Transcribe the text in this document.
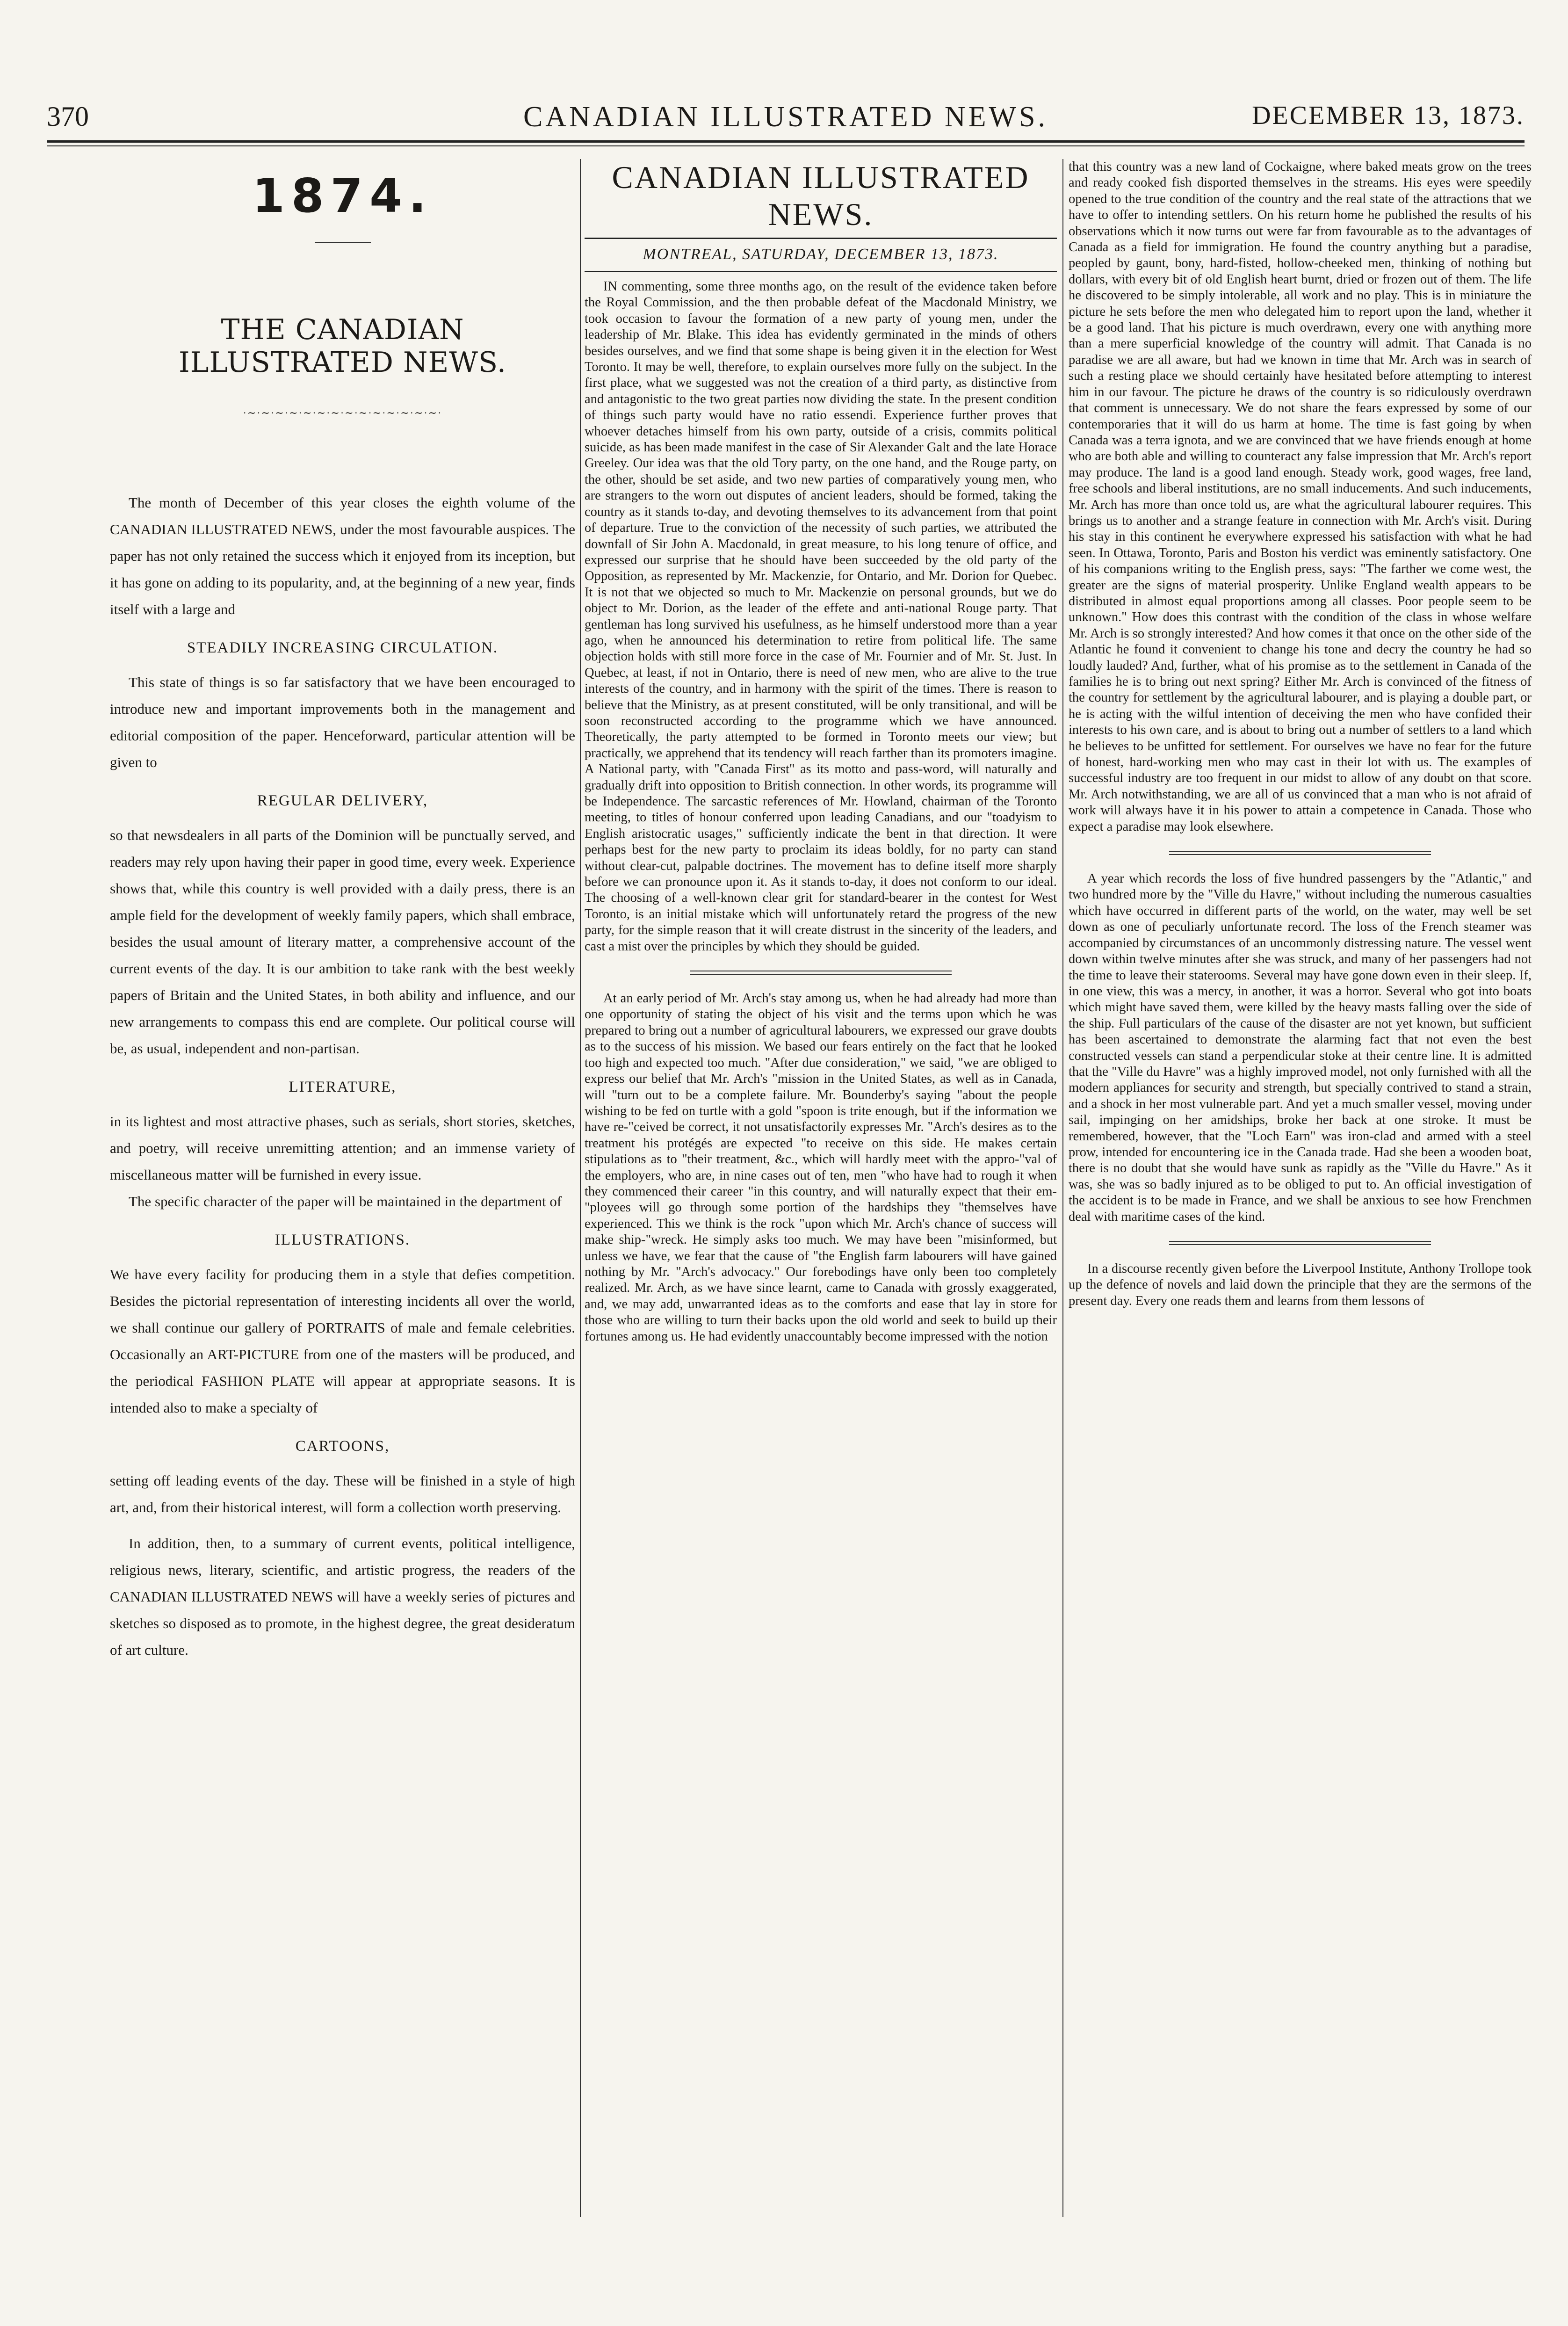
370	CANADIAN ILLUSTRATED NEWS.	DECEMBER 13, 1873.
1874.
THE CANADIAN ILLUSTRATED NEWS.
·∼·∼·∼·∼·∼·∼·∼·∼·∼·∼·∼·∼·∼·∼·

The month of December of this year closes the eighth volume of the CANADIAN ILLUSTRATED NEWS, under the most favourable auspices. The paper has not only retained the success which it enjoyed from its inception, but it has gone on adding to its popularity, and, at the beginning of a new year, finds itself with a large and

STEADILY INCREASING CIRCULATION.

This state of things is so far satisfactory that we have been encouraged to introduce new and important improvements both in the management and editorial composition of the paper. Henceforward, particular attention will be given to

REGULAR DELIVERY,

so that newsdealers in all parts of the Dominion will be punctually served, and readers may rely upon having their paper in good time, every week. Experience shows that, while this country is well provided with a daily press, there is an ample field for the development of weekly family papers, which shall embrace, besides the usual amount of literary matter, a comprehensive account of the current events of the day. It is our ambition to take rank with the best weekly papers of Britain and the United States, in both ability and influence, and our new arrangements to compass this end are complete. Our political course will be, as usual, independent and non-partisan.

LITERATURE,

in its lightest and most attractive phases, such as serials, short stories, sketches, and poetry, will receive unremitting attention; and an immense variety of miscellaneous matter will be furnished in every issue.

The specific character of the paper will be maintained in the department of

ILLUSTRATIONS.

We have every facility for producing them in a style that defies competition. Besides the pictorial representation of interesting incidents all over the world, we shall continue our gallery of PORTRAITS of male and female celebrities. Occasionally an ART-PICTURE from one of the masters will be produced, and the periodical FASHION PLATE will appear at appropriate seasons. It is intended also to make a specialty of

CARTOONS,

setting off leading events of the day. These will be finished in a style of high art, and, from their historical interest, will form a collection worth preserving.

In addition, then, to a summary of current events, political intelligence, religious news, literary, scientific, and artistic progress, the readers of the CANADIAN ILLUSTRATED NEWS will have a weekly series of pictures and sketches so disposed as to promote, in the highest degree, the great desideratum of art culture.

CANADIAN ILLUSTRATED NEWS.
MONTREAL, SATURDAY, DECEMBER 13, 1873.

IN commenting, some three months ago, on the result of the evidence taken before the Royal Commission, and the then probable defeat of the Macdonald Ministry, we took occasion to favour the formation of a new party of young men, under the leadership of Mr. Blake. This idea has evidently germinated in the minds of others besides ourselves, and we find that some shape is being given it in the election for West Toronto. It may be well, therefore, to explain ourselves more fully on the subject. In the first place, what we suggested was not the creation of a third party, as distinctive from and antagonistic to the two great parties now dividing the state. In the present condition of things such party would have no ratio essendi. Experience further proves that whoever detaches himself from his own party, outside of a crisis, commits political suicide, as has been made manifest in the case of Sir Alexander Galt and the late Horace Greeley. Our idea was that the old Tory party, on the one hand, and the Rouge party, on the other, should be set aside, and two new parties of comparatively young men, who are strangers to the worn out disputes of ancient leaders, should be formed, taking the country as it stands to-day, and devoting themselves to its advancement from that point of departure. True to the conviction of the necessity of such parties, we attributed the downfall of Sir John A. Macdonald, in great measure, to his long tenure of office, and expressed our surprise that he should have been succeeded by the old party of the Opposition, as represented by Mr. Mackenzie, for Ontario, and Mr. Dorion for Quebec. It is not that we objected so much to Mr. Mackenzie on personal grounds, but we do object to Mr. Dorion, as the leader of the effete and anti-national Rouge party. That gentleman has long survived his usefulness, as he himself understood more than a year ago, when he announced his determination to retire from political life. The same objection holds with still more force in the case of Mr. Fournier and of Mr. St. Just. In Quebec, at least, if not in Ontario, there is need of new men, who are alive to the true interests of the country, and in harmony with the spirit of the times. There is reason to believe that the Ministry, as at present constituted, will be only transitional, and will be soon reconstructed according to the programme which we have announced. Theoretically, the party attempted to be formed in Toronto meets our view; but practically, we apprehend that its tendency will reach farther than its promoters imagine. A National party, with "Canada First" as its motto and pass-word, will naturally and gradually drift into opposition to British connection. In other words, its programme will be Independence. The sarcastic references of Mr. Howland, chairman of the Toronto meeting, to titles of honour conferred upon leading Canadians, and our "toadyism to English aristocratic usages," sufficiently indicate the bent in that direction. It were perhaps best for the new party to proclaim its ideas boldly, for no party can stand without clear-cut, palpable doctrines. The movement has to define itself more sharply before we can pronounce upon it. As it stands to-day, it does not conform to our ideal. The choosing of a well-known clear grit for standard-bearer in the contest for West Toronto, is an initial mistake which will unfortunately retard the progress of the new party, for the simple reason that it will create distrust in the sincerity of the leaders, and cast a mist over the principles by which they should be guided.

At an early period of Mr. Arch's stay among us, when he had already had more than one opportunity of stating the object of his visit and the terms upon which he was prepared to bring out a number of agricultural labourers, we expressed our grave doubts as to the success of his mission. We based our fears entirely on the fact that he looked too high and expected too much. "After due consideration," we said, "we are obliged to express our belief that Mr. Arch's "mission in the United States, as well as in Canada, will "turn out to be a complete failure. Mr. Bounderby's saying "about the people wishing to be fed on turtle with a gold "spoon is trite enough, but if the information we have re-"ceived be correct, it not unsatisfactorily expresses Mr. "Arch's desires as to the treatment his protégés are expected "to receive on this side. He makes certain stipulations as to "their treatment, &c., which will hardly meet with the appro-"val of the employers, who are, in nine cases out of ten, men "who have had to rough it when they commenced their career "in this country, and will naturally expect that their em-"ployees will go through some portion of the hardships they "themselves have experienced. This we think is the rock "upon which Mr. Arch's chance of success will make ship-"wreck. He simply asks too much. We may have been "misinformed, but unless we have, we fear that the cause of "the English farm labourers will have gained nothing by Mr. "Arch's advocacy." Our forebodings have only been too completely realized. Mr. Arch, as we have since learnt, came to Canada with grossly exaggerated, and, we may add, unwarranted ideas as to the comforts and ease that lay in store for those who are willing to turn their backs upon the old world and seek to build up their fortunes among us. He had evidently unaccountably become impressed with the notion

that this country was a new land of Cockaigne, where baked meats grow on the trees and ready cooked fish disported themselves in the streams. His eyes were speedily opened to the true condition of the country and the real state of the attractions that we have to offer to intending settlers. On his return home he published the results of his observations which it now turns out were far from favourable as to the advantages of Canada as a field for immigration. He found the country anything but a paradise, peopled by gaunt, bony, hard-fisted, hollow-cheeked men, thinking of nothing but dollars, with every bit of old English heart burnt, dried or frozen out of them. The life he discovered to be simply intolerable, all work and no play. This is in miniature the picture he sets before the men who delegated him to report upon the land, whether it be a good land. That his picture is much overdrawn, every one with anything more than a mere superficial knowledge of the country will admit. That Canada is no paradise we are all aware, but had we known in time that Mr. Arch was in search of such a resting place we should certainly have hesitated before attempting to interest him in our favour. The picture he draws of the country is so ridiculously overdrawn that comment is unnecessary. We do not share the fears expressed by some of our contemporaries that it will do us harm at home. The time is fast going by when Canada was a terra ignota, and we are convinced that we have friends enough at home who are both able and willing to counteract any false impression that Mr. Arch's report may produce. The land is a good land enough. Steady work, good wages, free land, free schools and liberal institutions, are no small inducements. And such inducements, Mr. Arch has more than once told us, are what the agricultural labourer requires. This brings us to another and a strange feature in connection with Mr. Arch's visit. During his stay in this continent he everywhere expressed his satisfaction with what he had seen. In Ottawa, Toronto, Paris and Boston his verdict was eminently satisfactory. One of his companions writing to the English press, says: "The farther we come west, the greater are the signs of material prosperity. Unlike England wealth appears to be distributed in almost equal proportions among all classes. Poor people seem to be unknown." How does this contrast with the condition of the class in whose welfare Mr. Arch is so strongly interested? And how comes it that once on the other side of the Atlantic he found it convenient to change his tone and decry the country he had so loudly lauded? And, further, what of his promise as to the settlement in Canada of the families he is to bring out next spring? Either Mr. Arch is convinced of the fitness of the country for settlement by the agricultural labourer, and is playing a double part, or he is acting with the wilful intention of deceiving the men who have confided their interests to his own care, and is about to bring out a number of settlers to a land which he believes to be unfitted for settlement. For ourselves we have no fear for the future of honest, hard-working men who may cast in their lot with us. The examples of successful industry are too frequent in our midst to allow of any doubt on that score. Mr. Arch notwithstanding, we are all of us convinced that a man who is not afraid of work will always have it in his power to attain a competence in Canada. Those who expect a paradise may look elsewhere.

A year which records the loss of five hundred passengers by the "Atlantic," and two hundred more by the "Ville du Havre," without including the numerous casualties which have occurred in different parts of the world, on the water, may well be set down as one of peculiarly unfortunate record. The loss of the French steamer was accompanied by circumstances of an uncommonly distressing nature. The vessel went down within twelve minutes after she was struck, and many of her passengers had not the time to leave their staterooms. Several may have gone down even in their sleep. If, in one view, this was a mercy, in another, it was a horror. Several who got into boats which might have saved them, were killed by the heavy masts falling over the side of the ship. Full particulars of the cause of the disaster are not yet known, but sufficient has been ascertained to demonstrate the alarming fact that not even the best constructed vessels can stand a perpendicular stoke at their centre line. It is admitted that the "Ville du Havre" was a highly improved model, not only furnished with all the modern appliances for security and strength, but specially contrived to stand a strain, and a shock in her most vulnerable part. And yet a much smaller vessel, moving under sail, impinging on her amidships, broke her back at one stroke. It must be remembered, however, that the "Loch Earn" was iron-clad and armed with a steel prow, intended for encountering ice in the Canada trade. Had she been a wooden boat, there is no doubt that she would have sunk as rapidly as the "Ville du Havre." As it was, she was so badly injured as to be obliged to put to. An official investigation of the accident is to be made in France, and we shall be anxious to see how Frenchmen deal with maritime cases of the kind.

In a discourse recently given before the Liverpool Institute, Anthony Trollope took up the defence of novels and laid down the principle that they are the sermons of the present day. Every one reads them and learns from them lessons of
